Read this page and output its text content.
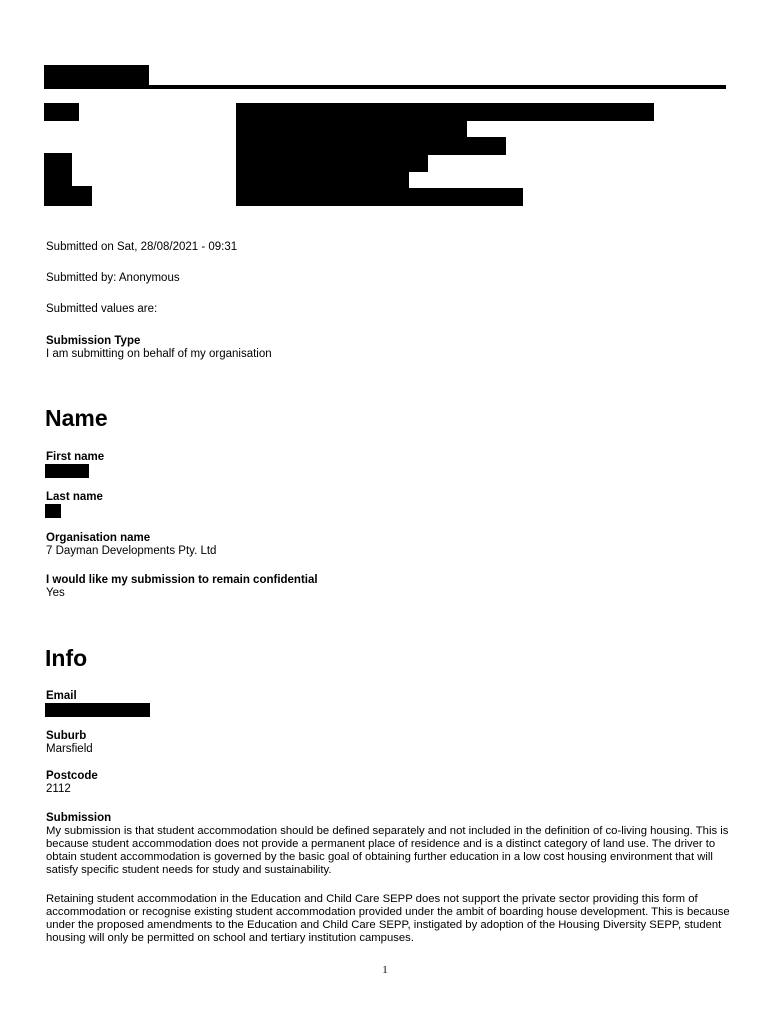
Submitted on Sat, 28/08/2021 - 09:31
Submitted by: Anonymous
Submitted values are:
Submission Type
I am submitting on behalf of my organisation
Name
First name
Last name
Organisation name
7 Dayman Developments Pty. Ltd
I would like my submission to remain confidential
Yes
Info
Email
Suburb
Marsfield
Postcode
2112
Submission
My submission is that student accommodation should be defined separately and not included in the definition of co-living housing. This is because student accommodation does not provide a permanent place of residence and is a distinct category of land use. The driver to obtain student accommodation is governed by the basic goal of obtaining further education in a low cost housing environment that will satisfy specific student needs for study and sustainability.
Retaining student accommodation in the Education and Child Care SEPP does not support the private sector providing this form of accommodation or recognise existing student accommodation provided under the ambit of boarding house development. This is because under the proposed amendments to the Education and Child Care SEPP, instigated by adoption of the Housing Diversity SEPP, student housing will only be permitted on school and tertiary institution campuses.
1
